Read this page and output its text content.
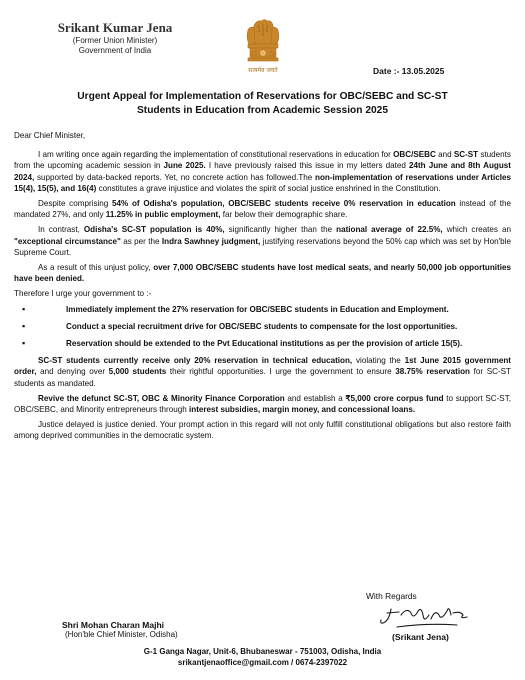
Srikant Kumar Jena
(Former Union Minister)
Government of India
सत्यमेव जयते	Date :- 13.05.2025
Urgent Appeal for Implementation of Reservations for OBC/SEBC and SC-ST
Students in Education from Academic Session 2025

Dear Chief Minister,

I am writing once again regarding the implementation of constitutional reservations in education for OBC/SEBC and SC-ST students from the upcoming academic session in June 2025. I have previously raised this issue in my letters dated 24th June and 8th August 2024, supported by data-backed reports. Yet, no concrete action has followed.The non-implementation of reservations under Articles 15(4), 15(5), and 16(4) constitutes a grave injustice and violates the spirit of social justice enshrined in the Constitution.

Despite comprising 54% of Odisha's population, OBC/SEBC students receive 0% reservation in education instead of the mandated 27%, and only 11.25% in public employment, far below their demographic share.

In contrast, Odisha's SC-ST population is 40%, significantly higher than the national average of 22.5%, which creates an "exceptional circumstance" as per the Indra Sawhney judgment, justifying reservations beyond the 50% cap which was set by Hon'ble Supreme Court.

As a result of this unjust policy, over 7,000 OBC/SEBC students have lost medical seats, and nearly 50,000 job opportunities have been denied.

Therefore I urge your government to :-

▪	Immediately implement the 27% reservation for OBC/SEBC students in Education and Employment.
▪	Conduct a special recruitment drive for OBC/SEBC students to compensate for the lost opportunities.
▪	Reservation should be extended to the Pvt Educational institutions as per the provision of article 15(5).

SC-ST students currently receive only 20% reservation in technical education, violating the 1st June 2015 government order, and denying over 5,000 students their rightful opportunities. I urge the government to ensure 38.75% reservation for SC-ST students as mandated.

Revive the defunct SC-ST, OBC & Minority Finance Corporation and establish a ₹5,000 crore corpus fund to support SC-ST, OBC/SEBC, and Minority entrepreneurs through interest subsidies, margin money, and concessional loans.

Justice delayed is justice denied. Your prompt action in this regard will not only fulfill constitutional obligations but also restore faith among deprived communities in the democratic system.

With Regards
(Srikant Jena)
Shri Mohan Charan Majhi
(Hon'ble Chief Minister, Odisha)
G-1 Ganga Nagar, Unit-6, Bhubaneswar - 751003, Odisha, India
srikantjenaoffice@gmail.com / 0674-2397022
